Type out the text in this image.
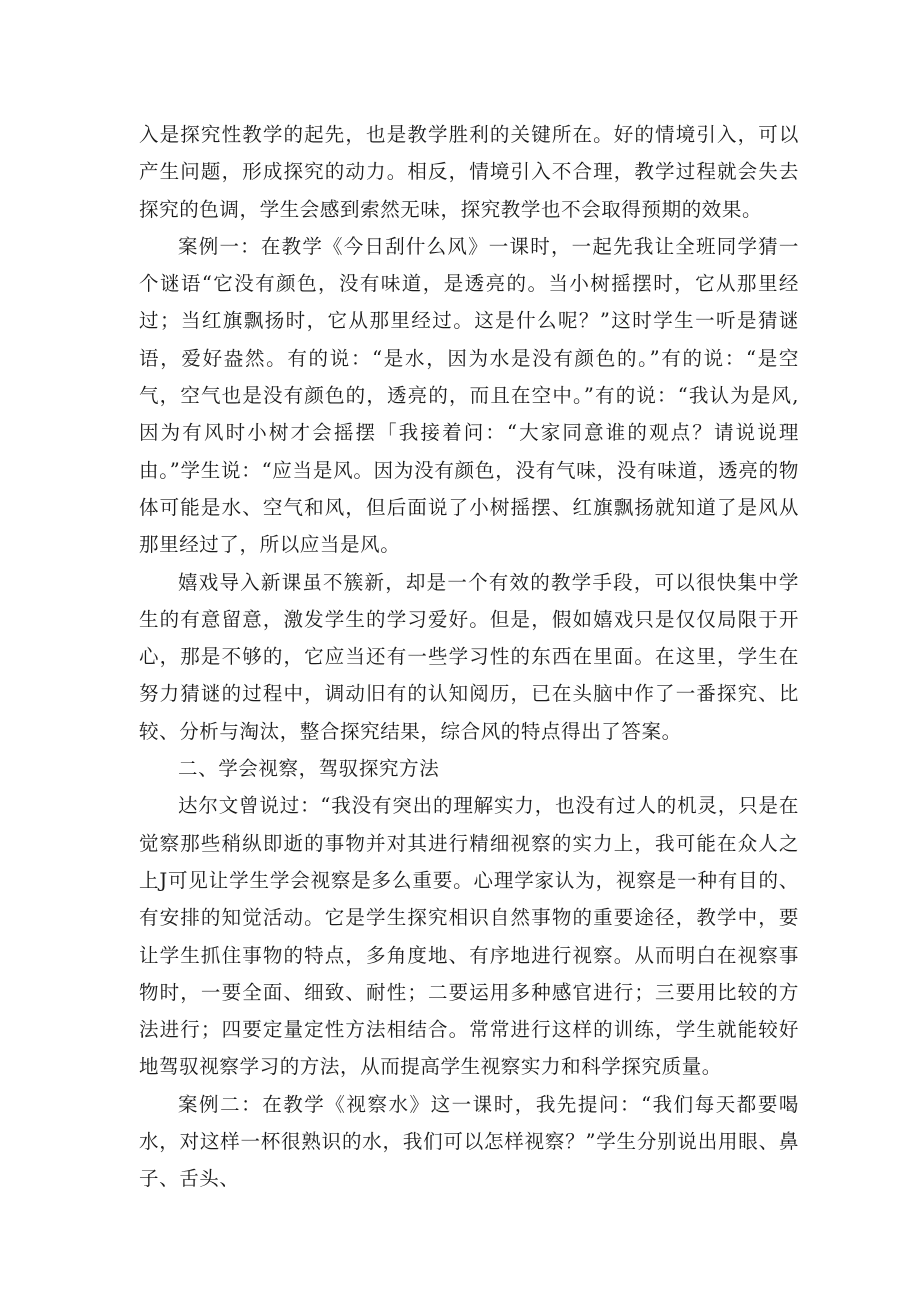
入是探究性教学的起先，也是教学胜利的关键所在。好的情境引入，可以产生问题，形成探究的动力。相反，情境引入不合理，教学过程就会失去探究的色调，学生会感到索然无味，探究教学也不会取得预期的效果。

案例一：在教学《今日刮什么风》一课时，一起先我让全班同学猜一个谜语“它没有颜色，没有味道，是透亮的。当小树摇摆时，它从那里经过；当红旗飘扬时，它从那里经过。这是什么呢？”这时学生一听是猜谜语，爱好盎然。有的说：“是水，因为水是没有颜色的。”有的说：“是空气，空气也是没有颜色的，透亮的，而且在空中。”有的说：“我认为是风,因为有风时小树才会摇摆「我接着问：“大家同意谁的观点？请说说理由。”学生说：“应当是风。因为没有颜色，没有气味，没有味道，透亮的物体可能是水、空气和风，但后面说了小树摇摆、红旗飘扬就知道了是风从那里经过了，所以应当是风。

嬉戏导入新课虽不簇新，却是一个有效的教学手段，可以很快集中学生的有意留意，激发学生的学习爱好。但是，假如嬉戏只是仅仅局限于开心，那是不够的，它应当还有一些学习性的东西在里面。在这里，学生在努力猜谜的过程中，调动旧有的认知阅历，已在头脑中作了一番探究、比较、分析与淘汰，整合探究结果，综合风的特点得出了答案。

二、学会视察，驾驭探究方法

达尔文曾说过：“我没有突出的理解实力，也没有过人的机灵，只是在觉察那些稍纵即逝的事物并对其进行精细视察的实力上，我可能在众人之上J可见让学生学会视察是多么重要。心理学家认为，视察是一种有目的、有安排的知觉活动。它是学生探究相识自然事物的重要途径，教学中，要让学生抓住事物的特点，多角度地、有序地进行视察。从而明白在视察事物时，一要全面、细致、耐性；二要运用多种感官进行；三要用比较的方法进行；四要定量定性方法相结合。常常进行这样的训练，学生就能较好地驾驭视察学习的方法，从而提高学生视察实力和科学探究质量。

案例二：在教学《视察水》这一课时，我先提问：“我们每天都要喝水，对这样一杯很熟识的水，我们可以怎样视察？”学生分别说出用眼、鼻子、舌头、
